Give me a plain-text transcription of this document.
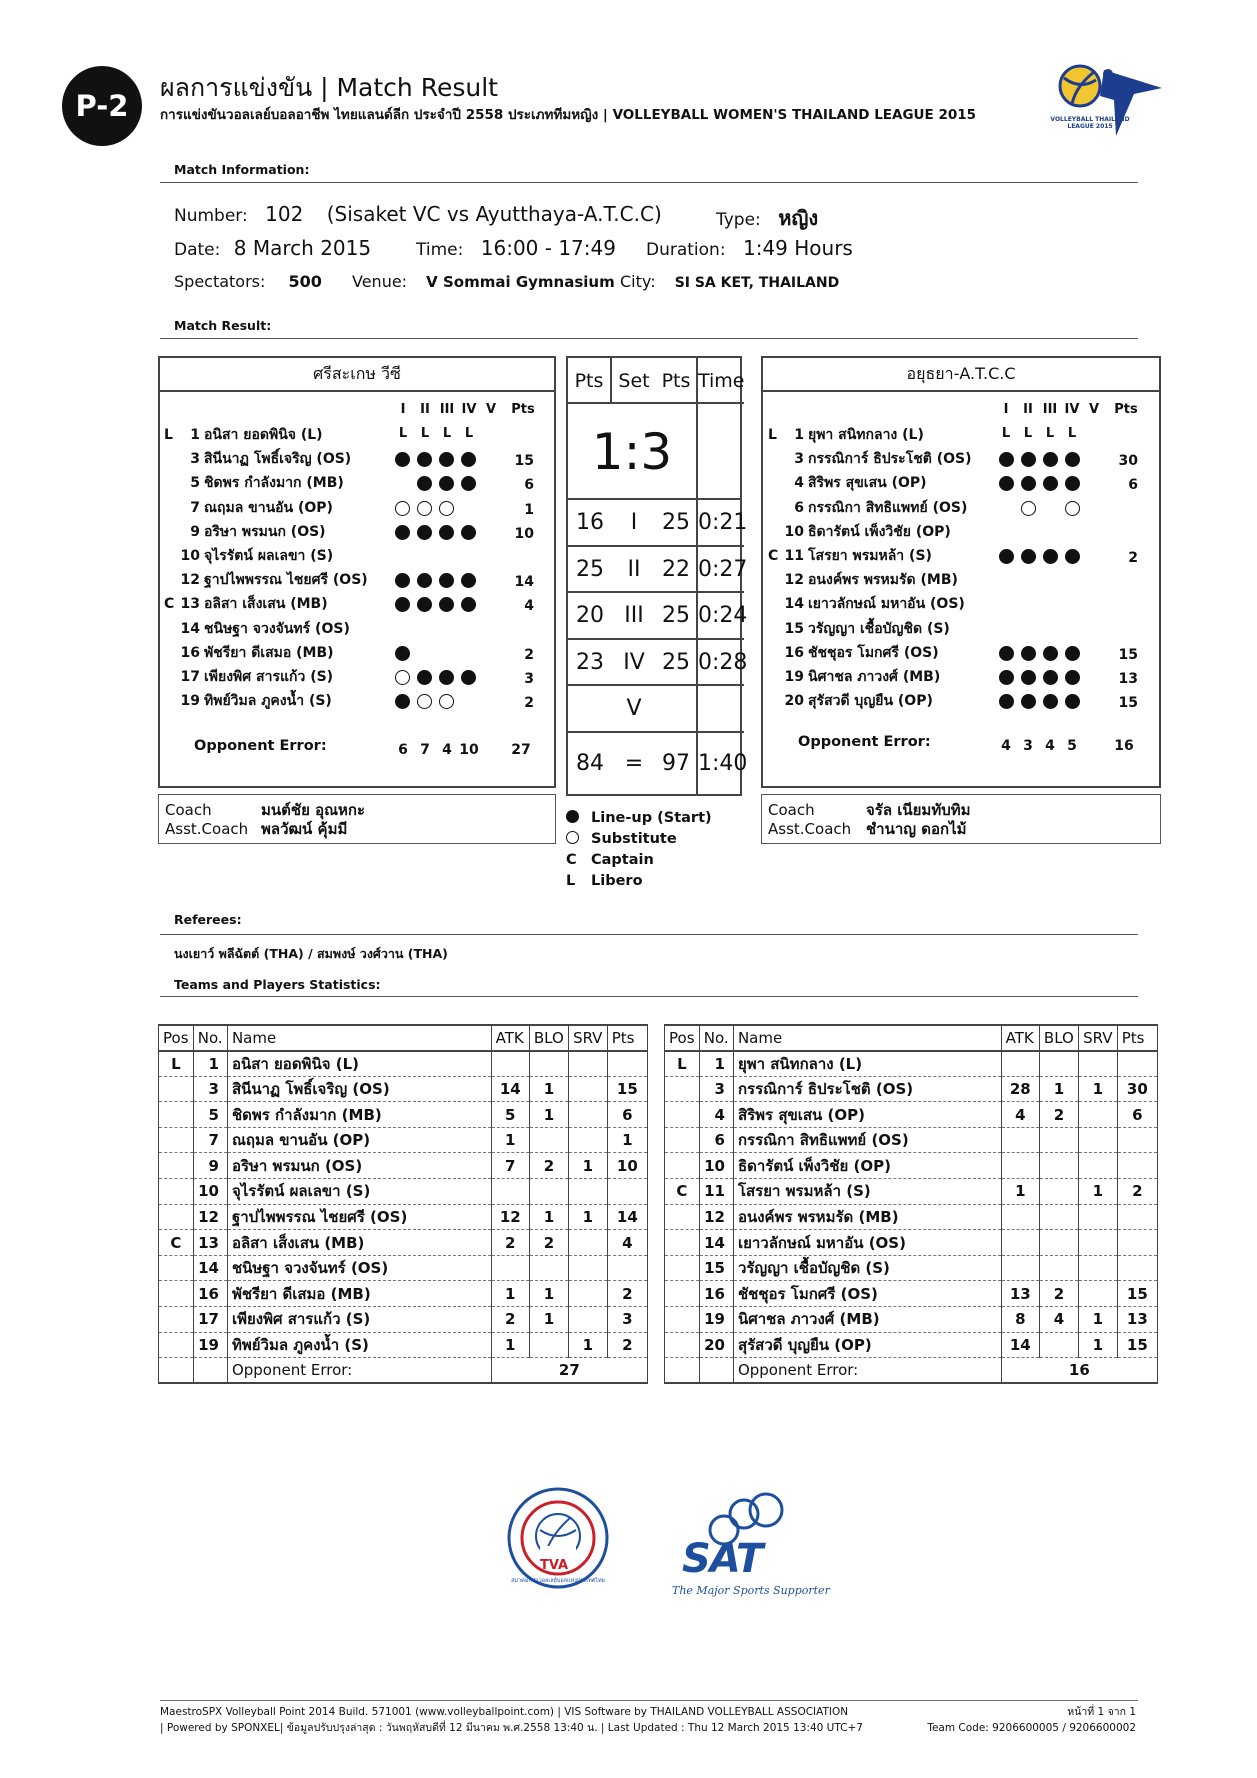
P-2
ผลการแข่งขัน | Match Result
การแข่งขันวอลเลย์บอลอาชีพ ไทยแลนด์ลีก ประจำปี 2558 ประเภททีมหญิง | VOLLEYBALL WOMEN'S THAILAND LEAGUE 2015	VOLLEYBALL THAILAND LEAGUE 2015
Match Information:
Number: 102 (Sisaket VC vs Ayutthaya-A.T.C.C)	Type: หญิง
Date: 8 March 2015	Time: 16:00 - 17:49 Duration: 1:49 Hours
Spectators: 500 Venue: V Sommai Gymnasium City: SI SA KET, THAILAND
Match Result:
ศรีสะเกษ วีซี
I	II III IV V	Pts
L	L	L	L
L	1 อนิสา ยอดพินิจ (L)
3 สินีนาฏ โพธิ์เจริญ (OS)	15
5 ชิดพร กำลังมาก (MB)	6
7 ณฤมล ขานอัน (OP)	1
9 อริษา พรมนก (OS)	10
10 จุไรรัตน์ ผลเลขา (S)
12 ฐาปไพพรรณ ไชยศรี (OS)	14
C 13 อลิสา เส็งเสน (MB)	4
14 ชนิษฐา จวงจันทร์ (OS)
16 พัชรียา ดีเสมอ (MB)	2
17 เพียงพิศ สารแก้ว (S)	3
19 ทิพย์วิมล ภูคงน้ำ (S)	2
Opponent Error:	6 7 4 10	27
อยุธยา-A.T.C.C
I	II III IV V	Pts
L	L	L	L
L	1 ยุพา สนิทกลาง (L)
3 กรรณิการ์ ธิประโชติ (OS)	30
4 สิริพร สุขเสน (OP)	6
6 กรรณิกา สิทธิแพทย์ (OS)
10 ธิดารัตน์ เพ็งวิชัย (OP)
C 11 โสรยา พรมหล้า (S)	2
12 อนงค์พร พรหมรัด (MB)
14 เยาวลักษณ์ มหาอัน (OS)
15 วรัญญา เชื้อบัญชิด (S)
16 ชัชชุอร โมกศรี (OS)	15
19 นิศาชล ภาวงศ์ (MB)	13
20 สุรัสวดี บุญยืน (OP)	15
Opponent Error:	4 3 4 5	16
Pts Set Pts Time
1:3
16	I	25 0:21
25	II 22 0:27
20 III 25 0:24
23 IV 25 0:28
V
84 = 97 1:40
Coach	มนต์ชัย อุณหกะ
Asst.Coach พลวัฒน์ คุ้มมี
Coach	จรัล เนียมทับทิม
Asst.Coach ชำนาญ ดอกไม้
Line-up (Start)
Substitute
C Captain
L Libero
Referees:
นงเยาว์ พลีฉัตต์ (THA) / สมพงษ์ วงศ์วาน (THA)
Teams and Players Statistics:
Pos	No.	Name	ATK	BLO	SRV	Pts
L	1	อนิสา ยอดพินิจ (L)				
	3	สินีนาฏ โพธิ์เจริญ (OS)	14	1		15
	5	ชิดพร กำลังมาก (MB)	5	1		6
	7	ณฤมล ขานอัน (OP)	1			1
	9	อริษา พรมนก (OS)	7	2	1	10
	10	จุไรรัตน์ ผลเลขา (S)				
	12	ฐาปไพพรรณ ไชยศรี (OS)	12	1	1	14
C	13	อลิสา เส็งเสน (MB)	2	2		4
	14	ชนิษฐา จวงจันทร์ (OS)				
	16	พัชรียา ดีเสมอ (MB)	1	1		2
	17	เพียงพิศ สารแก้ว (S)	2	1		3
	19	ทิพย์วิมล ภูคงน้ำ (S)	1		1	2
		Opponent Error:	27			
Pos	No.	Name	ATK	BLO	SRV	Pts
L	1	ยุพา สนิทกลาง (L)				
	3	กรรณิการ์ ธิประโชติ (OS)	28	1	1	30
	4	สิริพร สุขเสน (OP)	4	2		6
	6	กรรณิกา สิทธิแพทย์ (OS)				
	10	ธิดารัตน์ เพ็งวิชัย (OP)				
C	11	โสรยา พรมหล้า (S)	1		1	2
	12	อนงค์พร พรหมรัด (MB)				
	14	เยาวลักษณ์ มหาอัน (OS)				
	15	วรัญญา เชื้อบัญชิด (S)				
	16	ชัชชุอร โมกศรี (OS)	13	2		15
	19	นิศาชล ภาวงศ์ (MB)	8	4	1	13
	20	สุรัสวดี บุญยืน (OP)	14		1	15
		Opponent Error:	16			
TVA
สมาคมกีฬาวอลเลย์บอลแห่งประเทศไทย SAT
The Major Sports Supporter
MaestroSPX Volleyball Point 2014 Build. 571001 (www.volleyballpoint.com) | VIS Software by THAILAND VOLLEYBALL ASSOCIATION
| Powered by SPONXEL| ข้อมูลปรับปรุงล่าสุด : วันพฤหัสบดีที่ 12 มีนาคม พ.ศ.2558 13:40 น. | Last Updated : Thu 12 March 2015 13:40 UTC+7
หน้าที่ 1 จาก 1
Team Code: 9206600005 / 9206600002
